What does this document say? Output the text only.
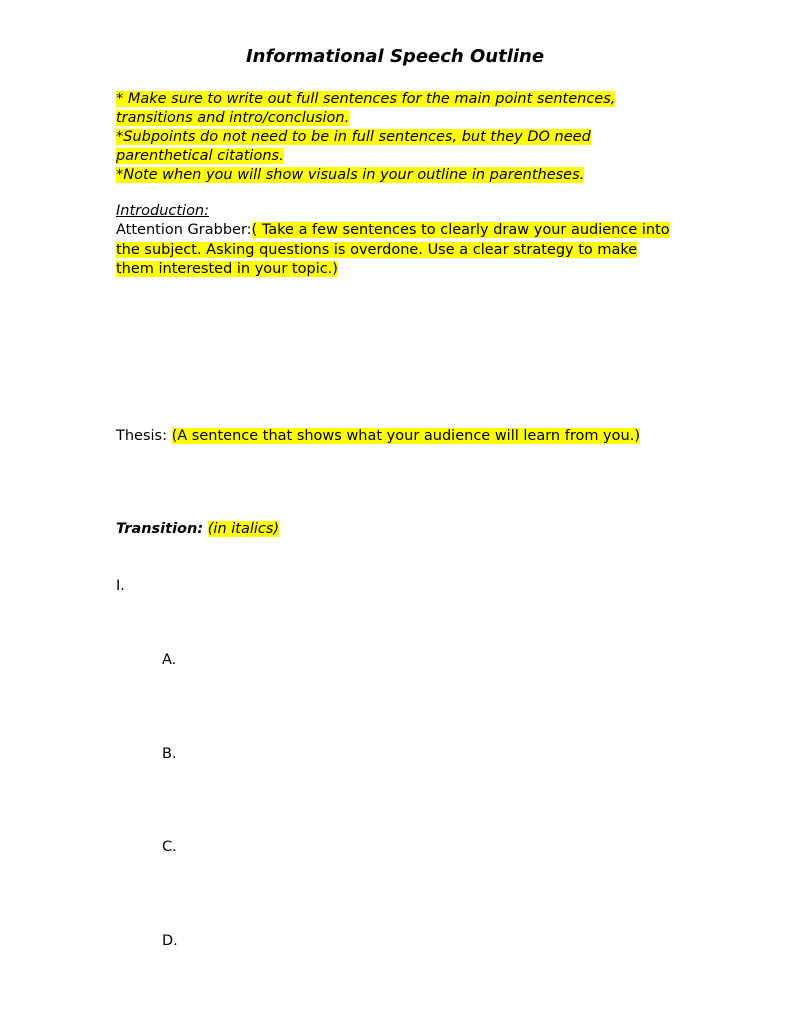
Informational Speech Outline
* Make sure to write out full sentences for the main point sentences, transitions and intro/conclusion.
*Subpoints do not need to be in full sentences, but they DO need parenthetical citations.
*Note when you will show visuals in your outline in parentheses.
Introduction:
Attention Grabber:( Take a few sentences to clearly draw your audience into the subject. Asking questions is overdone. Use a clear strategy to make them interested in your topic.)
Thesis: (A sentence that shows what your audience will learn from you.)
Transition: (in italics)
I.
A.
B.
C.
D.
